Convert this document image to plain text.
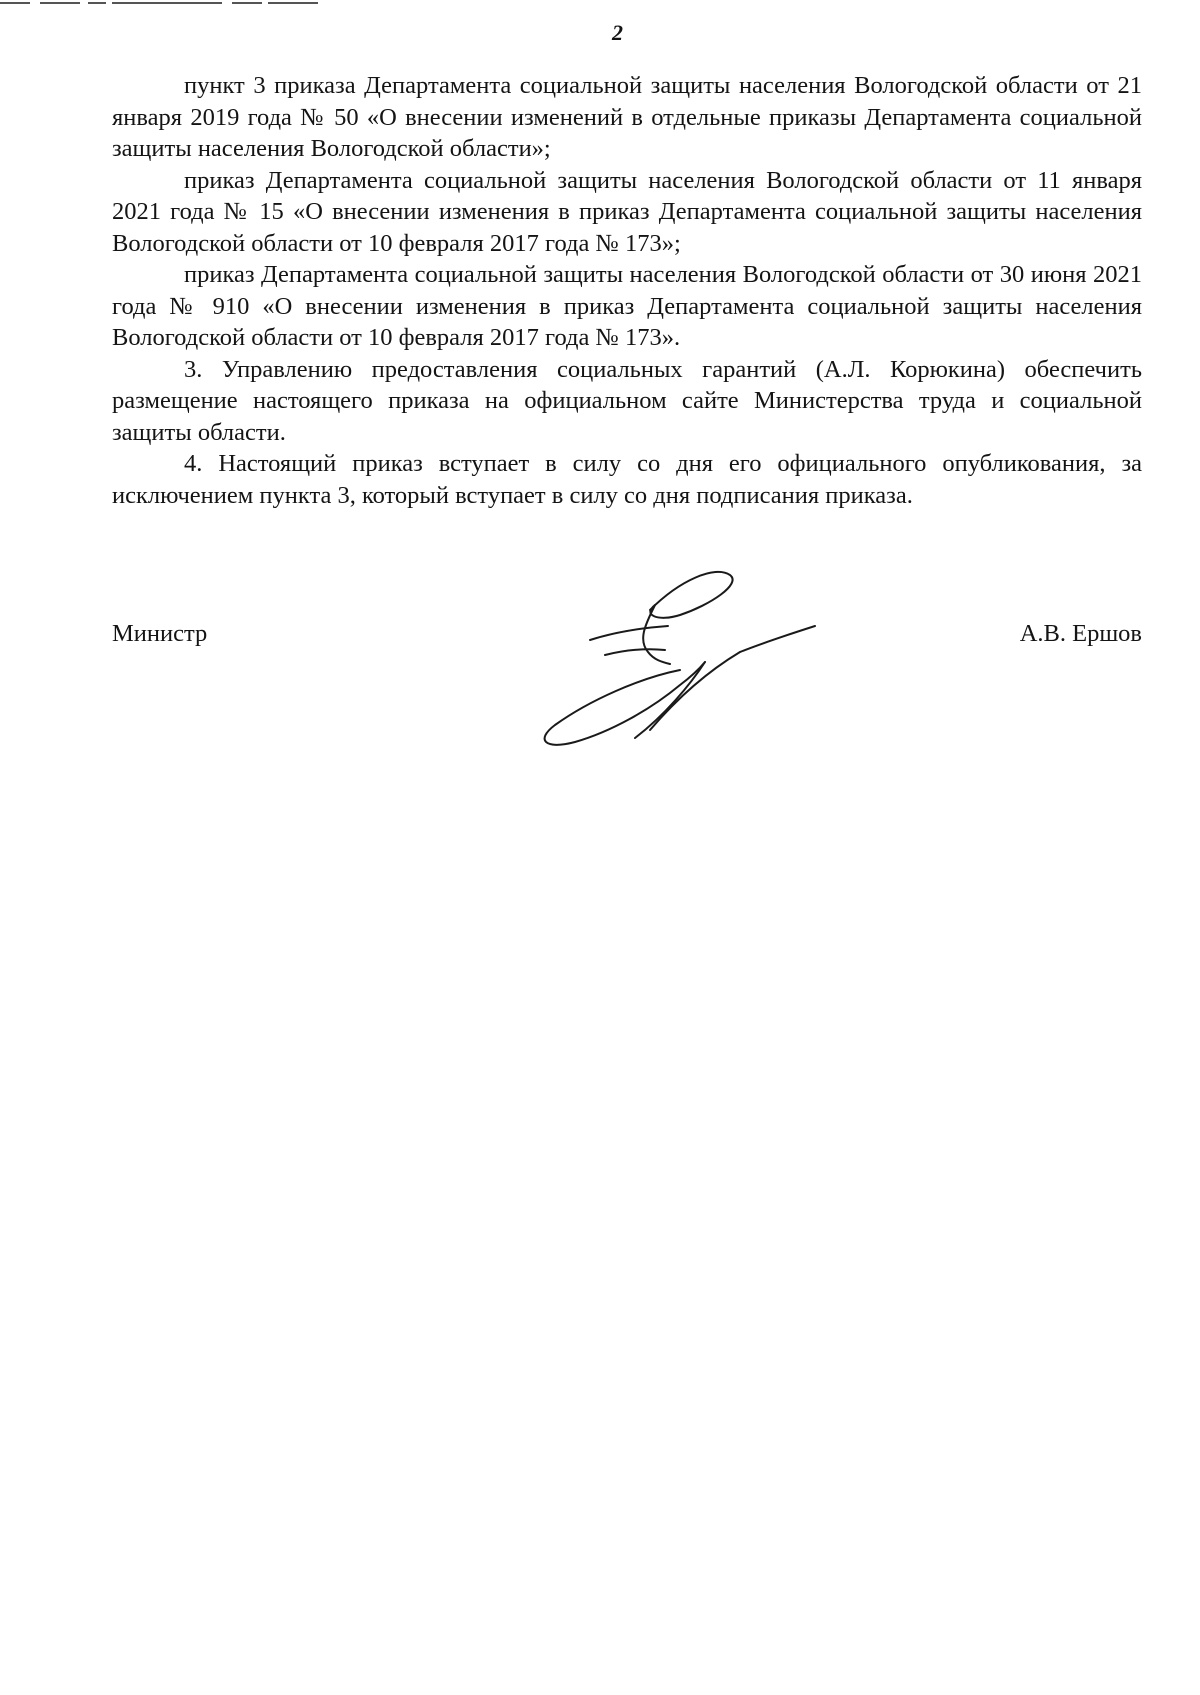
2

пункт 3 приказа Департамента социальной защиты населения Вологодской области от 21 января 2019 года № 50 «О внесении изменений в отдельные приказы Департамента социальной защиты населения Вологодской области»;

приказ Департамента социальной защиты населения Вологодской области от 11 января 2021 года № 15 «О внесении изменения в приказ Департамента социальной защиты населения Вологодской области от 10 февраля 2017 года № 173»;

приказ Департамента социальной защиты населения Вологодской области от 30 июня 2021 года № 910 «О внесении изменения в приказ Департамента социальной защиты населения Вологодской области от 10 февраля 2017 года № 173».

3. Управлению предоставления социальных гарантий (А.Л. Корюкина) обеспечить размещение настоящего приказа на официальном сайте Министерства труда и социальной защиты области.

4. Настоящий приказ вступает в силу со дня его официального опубликования, за исключением пункта 3, который вступает в силу со дня подписания приказа.

Министр	А.В. Ершов
